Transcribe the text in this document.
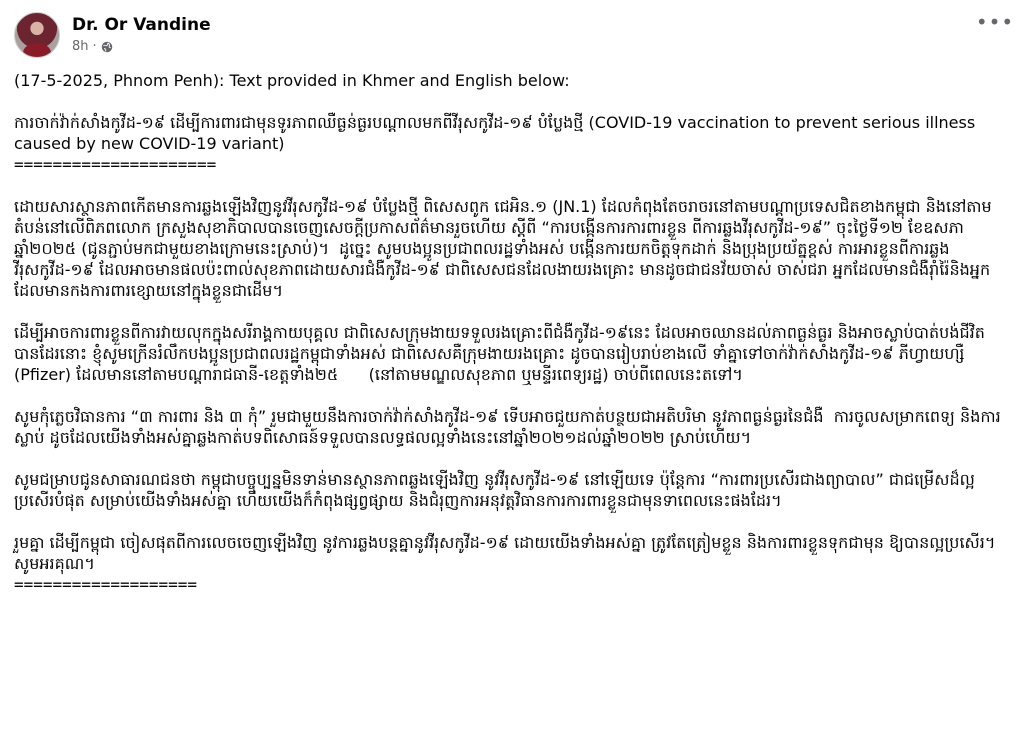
Dr. Or Vandine
8h ·
•••

(17-5-2025, Phnom Penh): Text provided in Khmer and English below:

ការចាក់វ៉ាក់សាំងកូវីដ-១៩ ដើម្បីការពារជាមុនទូរភាពឈឺធ្ងន់ធ្ងរបណ្ដាលមកពីវីរុសកូវីដ-១៩ បំប្លែងថ្មី (COVID-19 vaccination to prevent serious illness caused by new COVID-19 variant)

=====================

ដោយសារស្ថានភាពកើតមានការឆ្លងឡើងវិញនូវវីរុសកូវីដ-១៩ បំប្លែងថ្មី ពិសេសពូក ជេអិន.១ (JN.1) ដែលកំពុងតែចរាចរនៅតាមបណ្ដាប្រទេសជិតខាងកម្ពុជា និងនៅតាមតំបន់នៅលើពិភពលោក ក្រសួងសុខាភិបាលបានចេញសេចក្ដីប្រកាសព័ត៌មានរួចហើយ ស្ដីពី “ការបង្កើនការការពារខ្លួន ពីការឆ្លងវីរុសកូវីដ-១៩” ចុះថ្ងៃទី១២ ខែឧសភា ឆ្នាំ២០២៥ (ជូនភ្ជាប់មកជាមួយខាងក្រោមនេះស្រាប់)។  ដូច្នេះ សូមបងប្អូនប្រជាពលរដ្ឋទាំងអស់ បង្កើនការយកចិត្តទុកដាក់ និងប្រុងប្រយ័ត្នខ្ពស់ ការអារខ្លួនពីការឆ្លងវីរុសកូវីដ-១៩ ដែលអាចមានផលប៉ះពាល់សុខភាពដោយសារជំងឺកូវីដ-១៩ ជាពិសេសជនដែលងាយរងគ្រោះ មានដូចជាជនវ័យចាស់ ចាស់ជរា អ្នកដែលមានជំងឺរ៉ាំរ៉ៃនិងអ្នកដែលមានកងការពារខ្សោយនៅក្នុងខ្លួនជាដើម។

ដើម្បីអាចការពារខ្លួនពីការវាយលុកក្នុងសរីរាង្គកាយបុគ្គល ជាពិសេសក្រុមងាយទទួលរងគ្រោះពីជំងឺកូវីដ-១៩នេះ ដែលអាចឈានដល់ភាពធ្ងន់ធ្ងរ និងអាចស្លាប់បាត់បង់ជីវិតបានដែរនោះ ខ្ញុំសូមក្រើនរំលឹកបងប្អូនប្រជាពលរដ្ឋកម្ពុជាទាំងអស់ ជាពិសេសគឺក្រុមងាយរងគ្រោះ ដូចបានរៀបរាប់ខាងលើ ទាំគ្នាទៅចាក់វ៉ាក់សាំងកូវីដ-១៩ ភីហ្វាយហ្សឺ (Pfizer) ដែលមាននៅតាមបណ្ដារាជធានី-ខេត្តទាំង២៥      (នៅតាមមណ្ឌលសុខភាព ឬមន្ទីរពេទ្យរដ្ឋ) ចាប់ពីពេលនេះតទៅ។

សូមកុំភ្លេចវិធានការ “៣ ការពារ និង ៣ កុំ” រួមជាមួយនឹងការចាក់វ៉ាក់សាំងកូវីដ-១៩ ទើបអាចជួយកាត់បន្ថយជាអតិបរិមា នូវភាពធ្ងន់ធ្ងរនៃជំងឺ  ការចូលសម្រាកពេទ្យ និងការស្លាប់ ដូចដែលយើងទាំងអស់គ្នាឆ្លងកាត់បទពិសោធន៍ទទួលបានលទ្ធផលល្អទាំងនេះនៅឆ្នាំ២០២១ដល់ឆ្នាំ២០២២ ស្រាប់ហើយ។

សូមជម្រាបជូនសាធារណជនថា កម្ពុជាបច្ចុប្បន្នមិនទាន់មានស្ថានភាពឆ្លងឡើងវិញ នូវវីរុសកូវីដ-១៩ នៅឡើយទេ ប៉ុន្តែការ “ការពារប្រសើរជាងព្យាបាល” ជាជម្រើសដ៏ល្អប្រសើរបំផុត សម្រាប់យើងទាំងអស់គ្នា ហើយយើងក៏កំពុងផ្សព្វផ្សាយ និងជំរុញការអនុវត្តវិធានការការពារខ្លួនជាមុនទាពេលនេះផងដែរ។

រួមគ្នា ដើម្បីកម្ពុជា ចៀសផុតពីការលេចចេញឡើងវិញ នូវការឆ្លងបន្តគ្នានូវវីរុសកូវីដ-១៩ ដោយយើងទាំងអស់គ្នា ត្រូវតែត្រៀមខ្លួន និងការពារខ្លួនទុកជាមុន ឱ្យបានល្អប្រសើរ។ សូមអរគុណ។

===================
